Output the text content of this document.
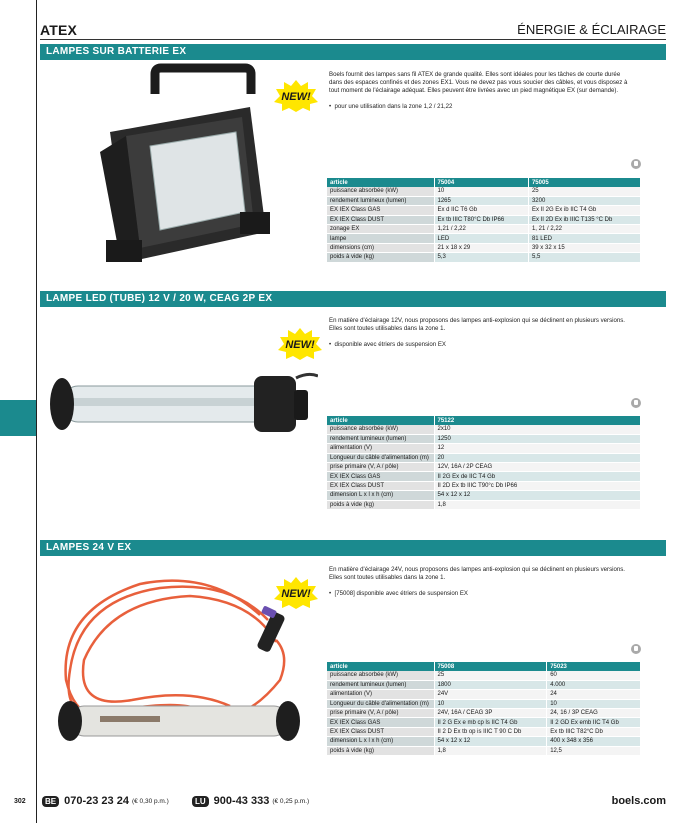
ATEX	ÉNERGIE & ÉCLAIRAGE
LAMPES SUR BATTERIE EX
NEW!
Boels fournit des lampes sans fil ATEX de grande qualité. Elles sont idéales pour les tâches de courte durée dans des espaces confinés et des zones EX1. Vous ne devez pas vous soucier des câbles, et vous disposez à tout moment de l'éclairage adéquat. Elles peuvent être livrées avec un pied magnétique EX (sur demande).
•  pour une utilisation dans la zone 1,2 / 21,22
article	75004	75005
puissance absorbée (kW)	10	25
rendement lumineux (lumen)	1265	3200
EX IEX Class GAS	Ex d IIC T6 Gb	Ex II 2G Ex ib IIC T4 Gb
EX IEX Class DUST	Ex tb IIIC T80°C Db IP66	Ex II 2D Ex ib IIIC T135 °C Db
zonage EX	1,21 / 2,22	1, 21 / 2,22
lampe	LED	81 LED
dimensions (cm)	21 x 18 x 29	39 x 32 x 15
poids à vide (kg)	5,3	5,5
LAMPE LED (TUBE) 12 V / 20 W, CEAG 2P EX
NEW!
En matière d'éclairage 12V, nous proposons des lampes anti-explosion qui se déclinent en plusieurs versions. Elles sont toutes utilisables dans la zone 1.
•  disponible avec étriers de suspension EX
article	75122
puissance absorbée (kW)	2x10
rendement lumineux (lumen)	1250
alimentation (V)	12
Longueur du câble d'alimentation (m)	20
prise primaire (V, A / pôle)	12V, 16A / 2P CEAG
EX IEX Class GAS	II 2G Ex de IIC T4 Gb
EX IEX Class DUST	II 2D Ex tb IIIC T90°c Db IP66
dimension L x l x h (cm)	54 x 12 x 12
poids à vide (kg)	1,8
LAMPES 24 V EX
NEW!
En matière d'éclairage 24V, nous proposons des lampes anti-explosion qui se déclinent en plusieurs versions. Elles sont toutes utilisables dans la zone 1.
•  [75008] disponible avec étriers de suspension EX
article	75008	75023
puissance absorbée (kW)	25	60
rendement lumineux (lumen)	1800	4.000
alimentation (V)	24V	24
Longueur du câble d'alimentation (m)	10	10
prise primaire (V, A / pôle)	24V, 16A / CEAG 3P	24, 16 / 3P CEAG
EX IEX Class GAS	II 2 G Ex e mb cp ls IIC T4 Gb	II 2 GD Ex emb IIC T4 Gb
EX IEX Class DUST	II 2 D Ex tb op is IIIC T 90 C Db	Ex tb IIIC T82°C Db
dimension L x l x h (cm)	54 x 12 x 12	400 x 348 x 356
poids à vide (kg)	1,8	12,5
302	BE 070-23 23 24 (€ 0,30 p.m.)	LU 900-43 333 (€ 0,25 p.m.)	boels.com
